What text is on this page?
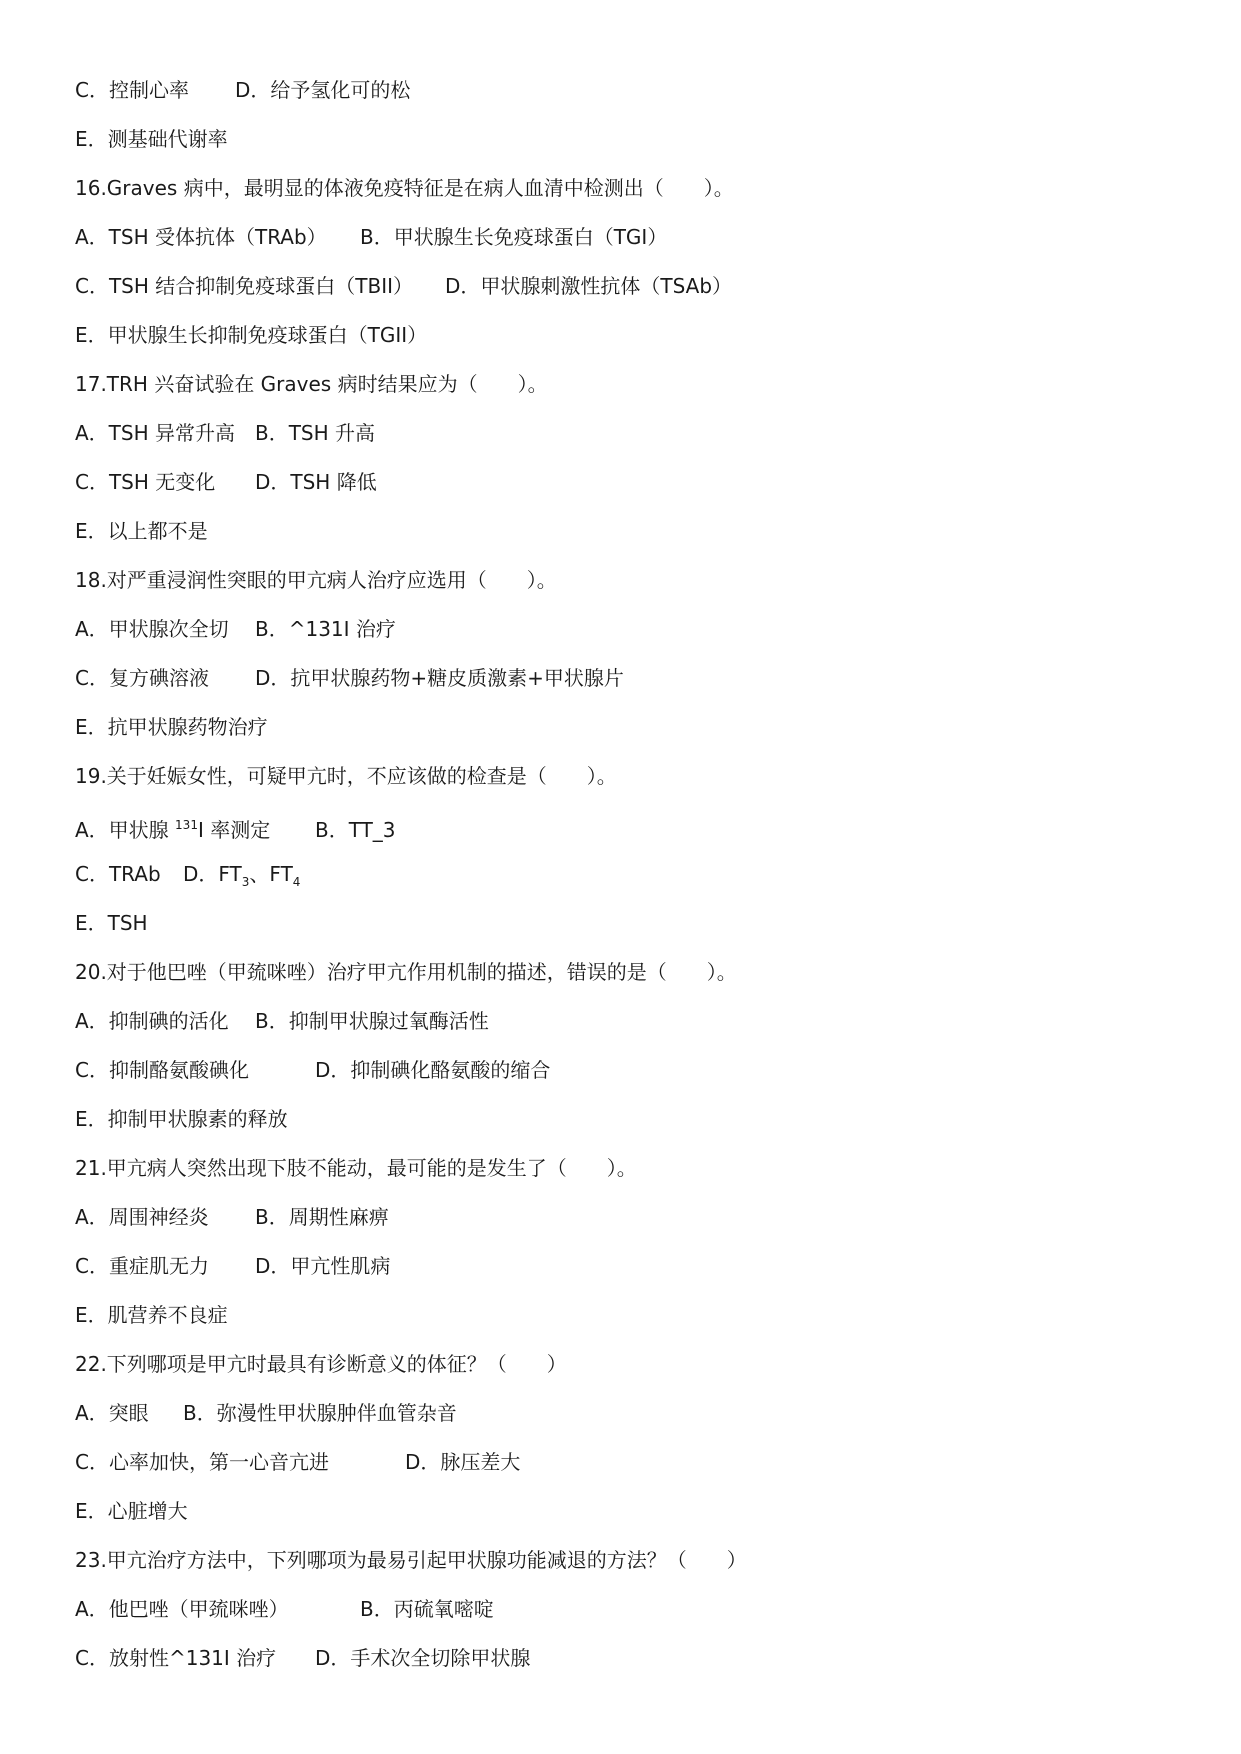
C．控制心率 D．给予氢化可的松
E．测基础代谢率
16.Graves 病中，最明显的体液免疫特征是在病人血清中检测出（　　）。
A．TSH 受体抗体（TRAb） B．甲状腺生长免疫球蛋白（TGI）
C．TSH 结合抑制免疫球蛋白（TBII） D．甲状腺刺激性抗体（TSAb）
E．甲状腺生长抑制免疫球蛋白（TGII）
17.TRH 兴奋试验在 Graves 病时结果应为（　　）。
A．TSH 异常升高 B．TSH 升高
C．TSH 无变化 D．TSH 降低
E．以上都不是
18.对严重浸润性突眼的甲亢病人治疗应选用（　　）。
A．甲状腺次全切 B．^131I 治疗
C．复方碘溶液 D．抗甲状腺药物+糖皮质激素+甲状腺片
E．抗甲状腺药物治疗
19.关于妊娠女性，可疑甲亢时，不应该做的检查是（　　）。
A．甲状腺 $^{131}$I 率测定 B．TT_3
C．TRAb D．$FT_3$、$FT_4$
E．TSH
20.对于他巴唑（甲巯咪唑）治疗甲亢作用机制的描述，错误的是（　　）。
A．抑制碘的活化 B．抑制甲状腺过氧酶活性
C．抑制酪氨酸碘化	D．抑制碘化酪氨酸的缩合
E．抑制甲状腺素的释放
21.甲亢病人突然出现下肢不能动，最可能的是发生了（　　）。
A．周围神经炎 B．周期性麻痹
C．重症肌无力 D．甲亢性肌病
E．肌营养不良症
22.下列哪项是甲亢时最具有诊断意义的体征？（　　）
A．突眼 B．弥漫性甲状腺肿伴血管杂音
C．心率加快，第一心音亢进	D．脉压差大
E．心脏增大
23.甲亢治疗方法中，下列哪项为最易引起甲状腺功能减退的方法？（　　）
A．他巴唑（甲巯咪唑）	B．丙硫氧嘧啶
C．放射性^131I 治疗 D．手术次全切除甲状腺
